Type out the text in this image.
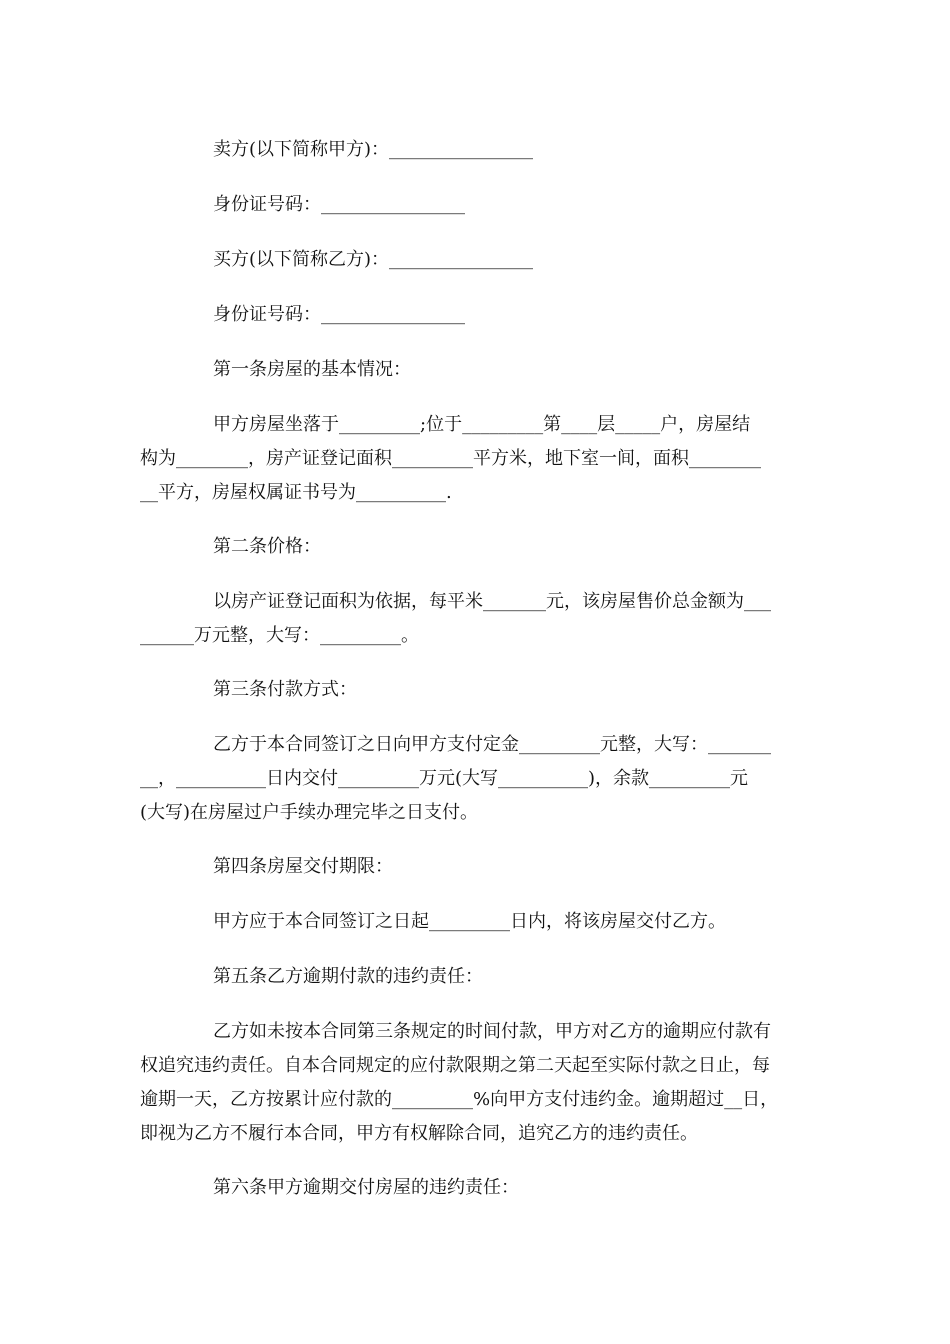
卖方(以下简称甲方)：________________
身份证号码：________________
买方(以下简称乙方)：________________
身份证号码：________________
第一条房屋的基本情况：
甲方房屋坐落于_________;位于_________第____层_____户，房屋结
构为________，房产证登记面积_________平方米，地下室一间，面积________
__平方，房屋权属证书号为__________.
第二条价格：
以房产证登记面积为依据，每平米_______元，该房屋售价总金额为___
______万元整，大写：_________。
第三条付款方式：
乙方于本合同签订之日向甲方支付定金_________元整，大写：_______
__，__________日内交付_________万元(大写__________)，余款_________元
(大写)在房屋过户手续办理完毕之日支付。
第四条房屋交付期限：
甲方应于本合同签订之日起_________日内，将该房屋交付乙方。
第五条乙方逾期付款的违约责任：
乙方如未按本合同第三条规定的时间付款，甲方对乙方的逾期应付款有
权追究违约责任。自本合同规定的应付款限期之第二天起至实际付款之日止，每
逾期一天，乙方按累计应付款的_________%向甲方支付违约金。逾期超过__日，
即视为乙方不履行本合同，甲方有权解除合同，追究乙方的违约责任。
第六条甲方逾期交付房屋的违约责任：
